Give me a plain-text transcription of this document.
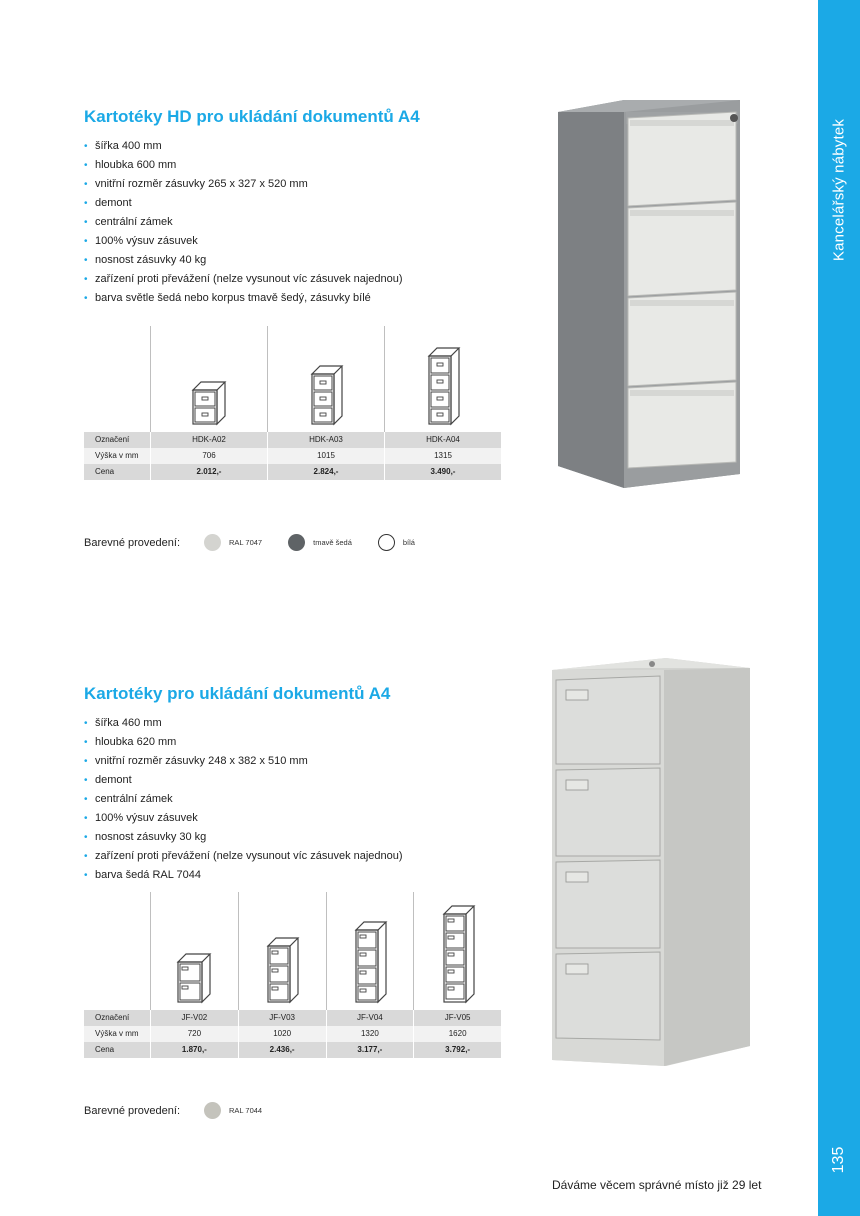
Kancelářský nábytek
135
Kartotéky HD pro ukládání dokumentů A4
• šířka 400 mm
• hloubka 600 mm
• vnitřní rozměr zásuvky 265 x 327 x 520 mm
• demont
• centrální zámek
• 100% výsuv zásuvek
• nosnost zásuvky 40 kg
• zařízení proti převážení (nelze vysunout víc zásuvek najednou)
• barva světle šedá nebo korpus tmavě šedý, zásuvky bílé
Označení	HDK-A02	HDK-A03	HDK-A04
Výška v mm	706	1015	1315
Cena	2.012,-	2.824,-	3.490,-
Barevné provedení:	RAL 7047	tmavě šedá	bílá
Kartotéky pro ukládání dokumentů A4
• šířka 460 mm
• hloubka 620 mm
• vnitřní rozměr zásuvky 248 x 382 x 510 mm
• demont
• centrální zámek
• 100% výsuv zásuvek
• nosnost zásuvky 30 kg
• zařízení proti převážení (nelze vysunout víc zásuvek najednou)
• barva šedá RAL 7044
Označení	JF-V02	JF-V03	JF-V04	JF-V05
Výška v mm	720	1020	1320	1620
Cena	1.870,-	2.436,-	3.177,-	3.792,-
Barevné provedení:	RAL 7044
Dáváme věcem správné místo již 29 let
